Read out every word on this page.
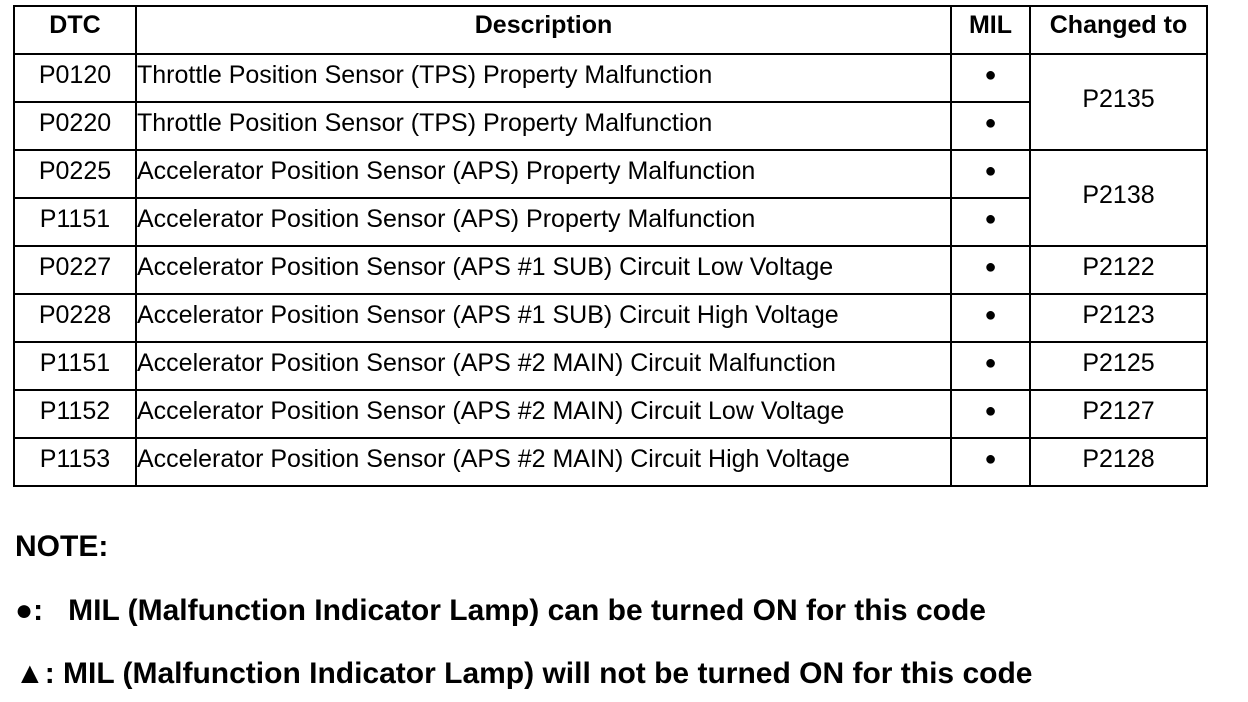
DTC	Description	MIL	Changed to
P0120	Throttle Position Sensor (TPS) Property Malfunction	●	P2135
P0220	Throttle Position Sensor (TPS) Property Malfunction	●	
P0225	Accelerator Position Sensor (APS) Property Malfunction	●	P2138
P1151	Accelerator Position Sensor (APS) Property Malfunction	●	
P0227	Accelerator Position Sensor (APS #1 SUB) Circuit Low Voltage	●	P2122
P0228	Accelerator Position Sensor (APS #1 SUB) Circuit High Voltage	●	P2123
P1151	Accelerator Position Sensor (APS #2 MAIN) Circuit Malfunction	●	P2125
P1152	Accelerator Position Sensor (APS #2 MAIN) Circuit Low Voltage	●	P2127
P1153	Accelerator Position Sensor (APS #2 MAIN) Circuit High Voltage	●	P2128
NOTE:
●: MIL (Malfunction Indicator Lamp) can be turned ON for this code
▲: MIL (Malfunction Indicator Lamp) will not be turned ON for this code
